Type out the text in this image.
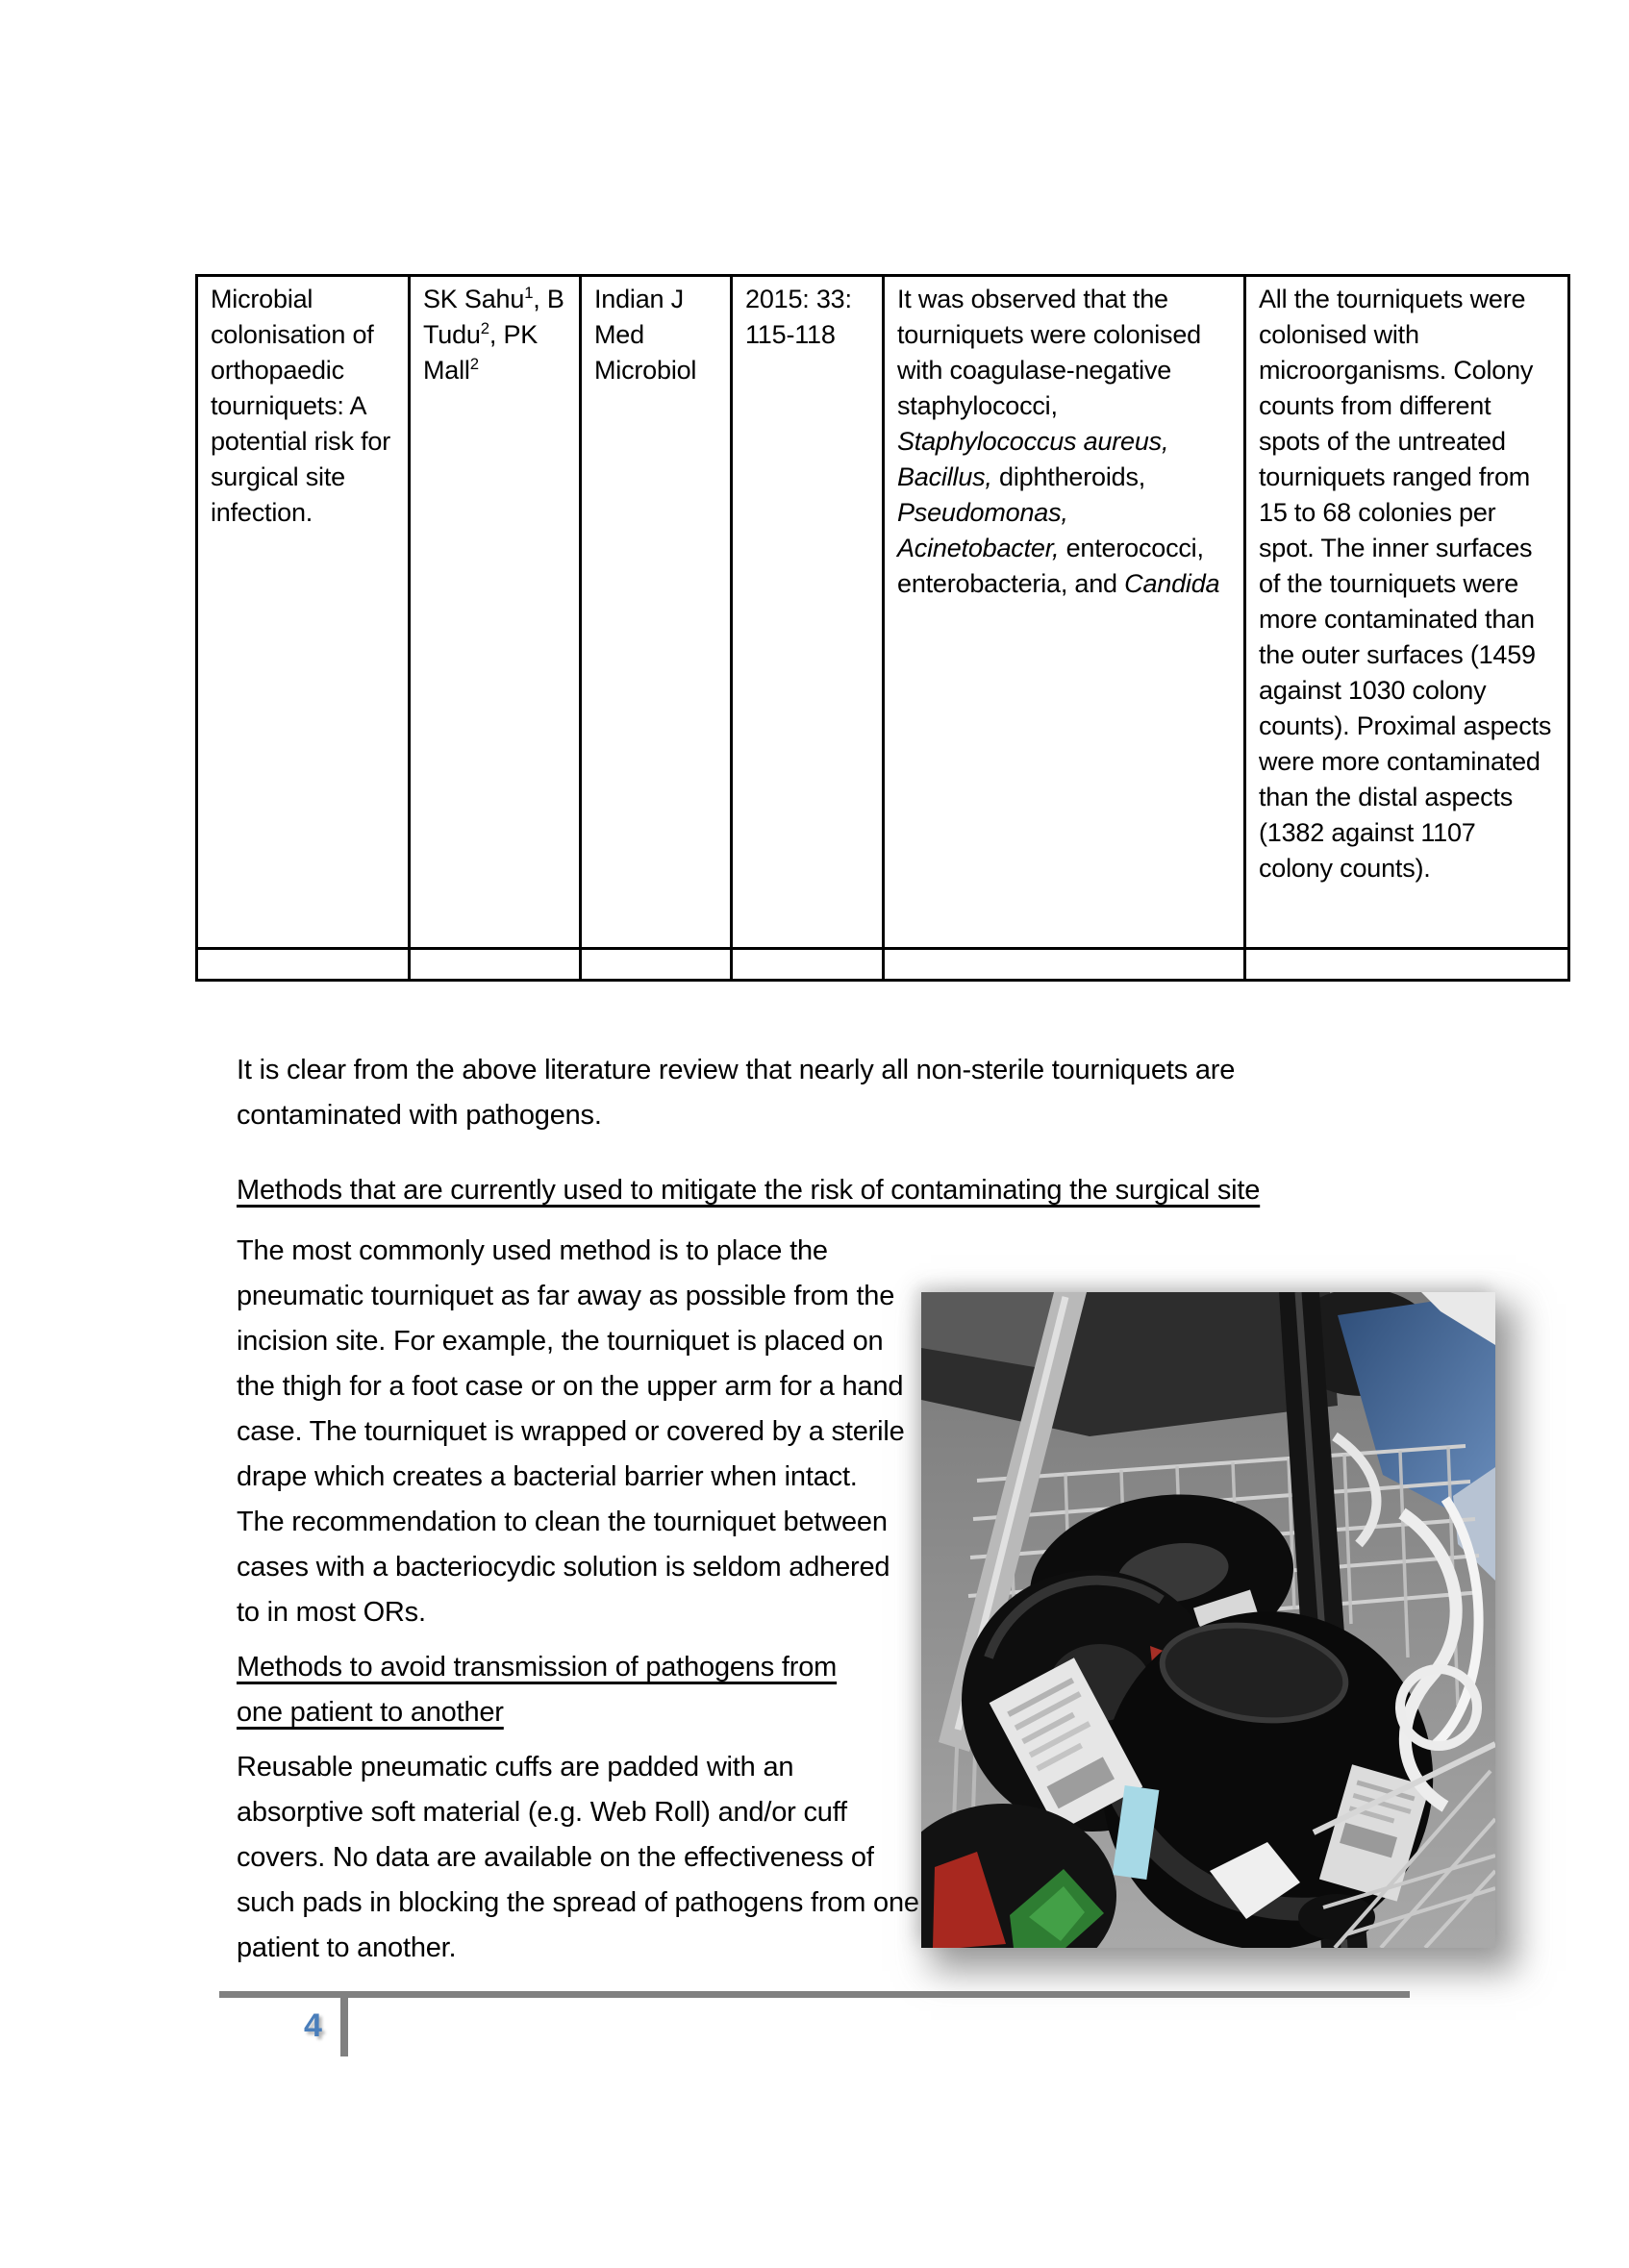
Microbial colonisation of orthopaedic tourniquets: A potential risk for surgical site infection.	SK Sahu$^1$, B Tudu$^2$, PK Mall$^2$	Indian J Med Microbiol	2015: 33: 115-118	It was observed that the tourniquets were colonised with coagulase-negative staphylococci, Staphylococcus aureus, Bacillus, diphtheroids, Pseudomonas, Acinetobacter, enterococci, enterobacteria, and Candida	All the tourniquets were colonised with microorganisms. Colony counts from different spots of the untreated tourniquets ranged from 15 to 68 colonies per spot. The inner surfaces of the tourniquets were more contaminated than the outer surfaces (1459 against 1030 colony counts). Proximal aspects were more contaminated than the distal aspects (1382 against 1107 colony counts).

It is clear from the above literature review that nearly all non-sterile tourniquets are contaminated with pathogens.
Methods that are currently used to mitigate the risk of contaminating the surgical site
The most commonly used method is to place the pneumatic tourniquet as far away as possible from the incision site. For example, the tourniquet is placed on the thigh for a foot case or on the upper arm for a hand case. The tourniquet is wrapped or covered by a sterile drape which creates a bacterial barrier when intact. The recommendation to clean the tourniquet between cases with a bacteriocydic solution is seldom adhered to in most ORs.
Methods to avoid transmission of pathogens from one patient to another
Reusable pneumatic cuffs are padded with an absorptive soft material (e.g. Web Roll) and/or cuff covers. No data are available on the effectiveness of such pads in blocking the spread of pathogens from one patient to another.
4
